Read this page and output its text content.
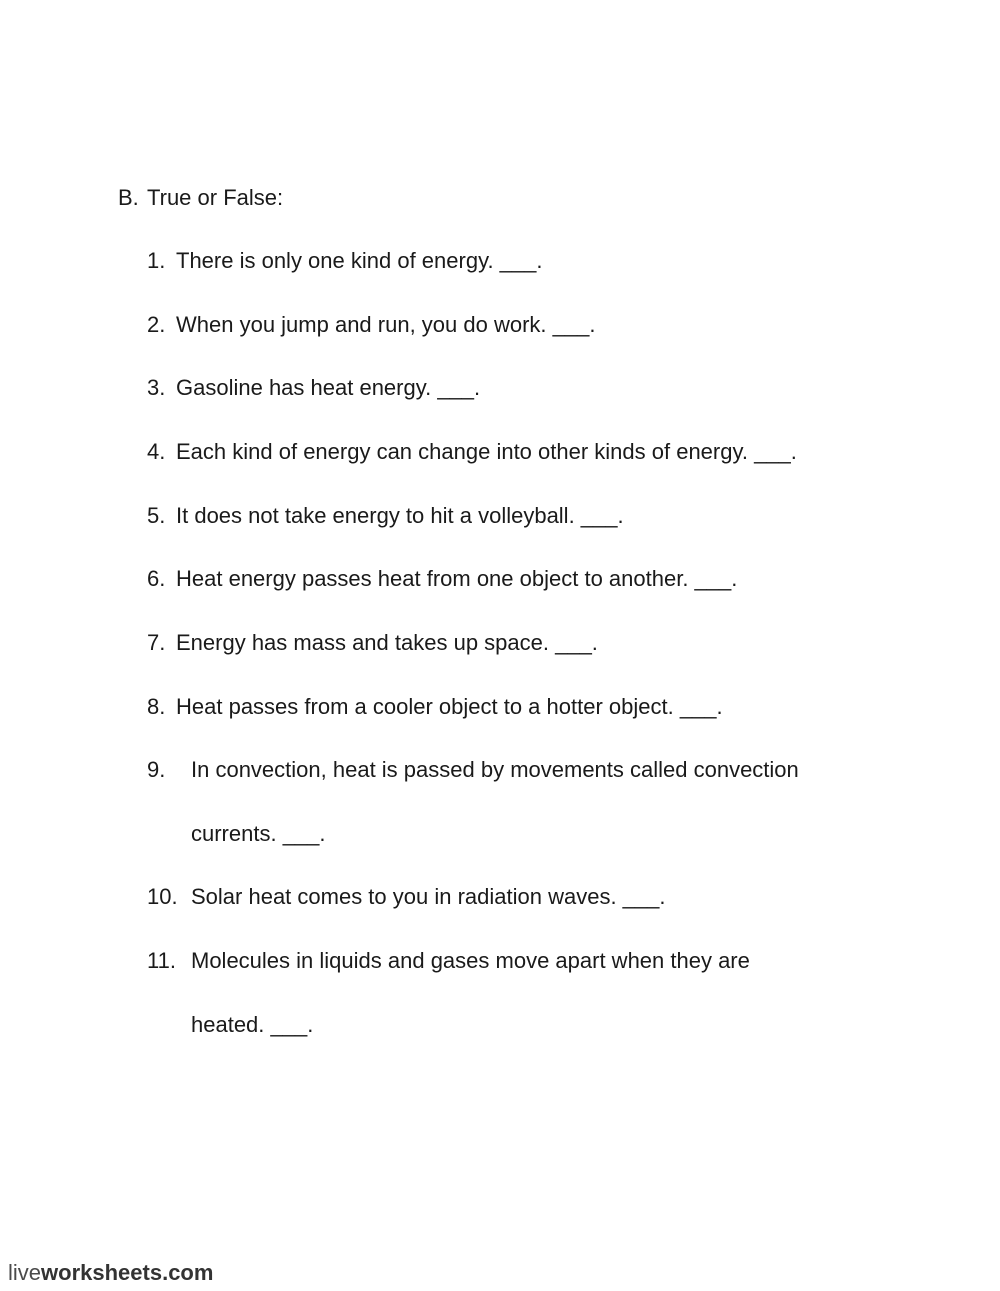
B. True or False:
1. There is only one kind of energy. ___.
2. When you jump and run, you do work. ___.
3. Gasoline has heat energy. ___.
4. Each kind of energy can change into other kinds of energy. ___.
5. It does not take energy to hit a volleyball. ___.
6. Heat energy passes heat from one object to another. ___.
7. Energy has mass and takes up space. ___.
8. Heat passes from a cooler object to a hotter object. ___.
9. In convection, heat is passed by movements called convection
currents. ___.
10. Solar heat comes to you in radiation waves. ___.
11. Molecules in liquids and gases move apart when they are
heated. ___.
liveworksheets.com
